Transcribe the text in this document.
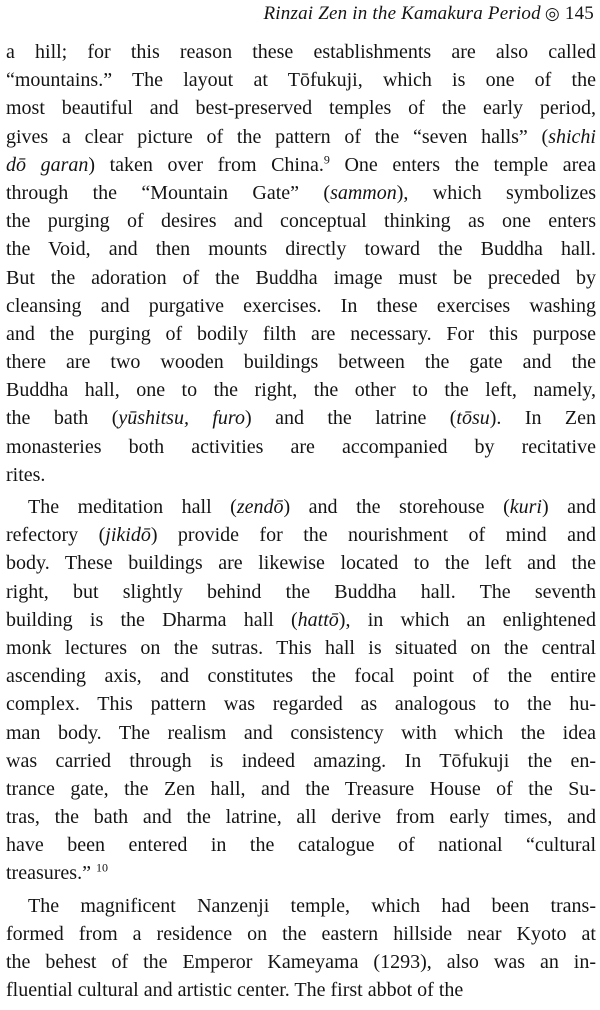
Rinzai Zen in the Kamakura Period ◎ 145
a hill; for this reason these establishments are also called
“mountains.” The layout at Tōfukuji, which is one of the
most beautiful and best-preserved temples of the early period,
gives a clear picture of the pattern of the “seven halls” (shichi
dō garan) taken over from China.$^9$ One enters the temple area
through the “Mountain Gate” (sammon), which symbolizes
the purging of desires and conceptual thinking as one enters
the Void, and then mounts directly toward the Buddha hall.
But the adoration of the Buddha image must be preceded by
cleansing and purgative exercises. In these exercises washing
and the purging of bodily filth are necessary. For this purpose
there are two wooden buildings between the gate and the
Buddha hall, one to the right, the other to the left, namely,
the bath (yūshitsu, furo) and the latrine (tōsu). In Zen
monasteries both activities are accompanied by recitative
rites.
The meditation hall (zendō) and the storehouse (kuri) and
refectory (jikidō) provide for the nourishment of mind and
body. These buildings are likewise located to the left and the
right, but slightly behind the Buddha hall. The seventh
building is the Dharma hall (hattō), in which an enlightened
monk lectures on the sutras. This hall is situated on the central
ascending axis, and constitutes the focal point of the entire
complex. This pattern was regarded as analogous to the hu-
man body. The realism and consistency with which the idea
was carried through is indeed amazing. In Tōfukuji the en-
trance gate, the Zen hall, and the Treasure House of the Su-
tras, the bath and the latrine, all derive from early times, and
have been entered in the catalogue of national “cultural
treasures.” $^{10}$
The magnificent Nanzenji temple, which had been trans-
formed from a residence on the eastern hillside near Kyoto at
the behest of the Emperor Kameyama (1293), also was an in-
fluential cultural and artistic center. The first abbot of the
